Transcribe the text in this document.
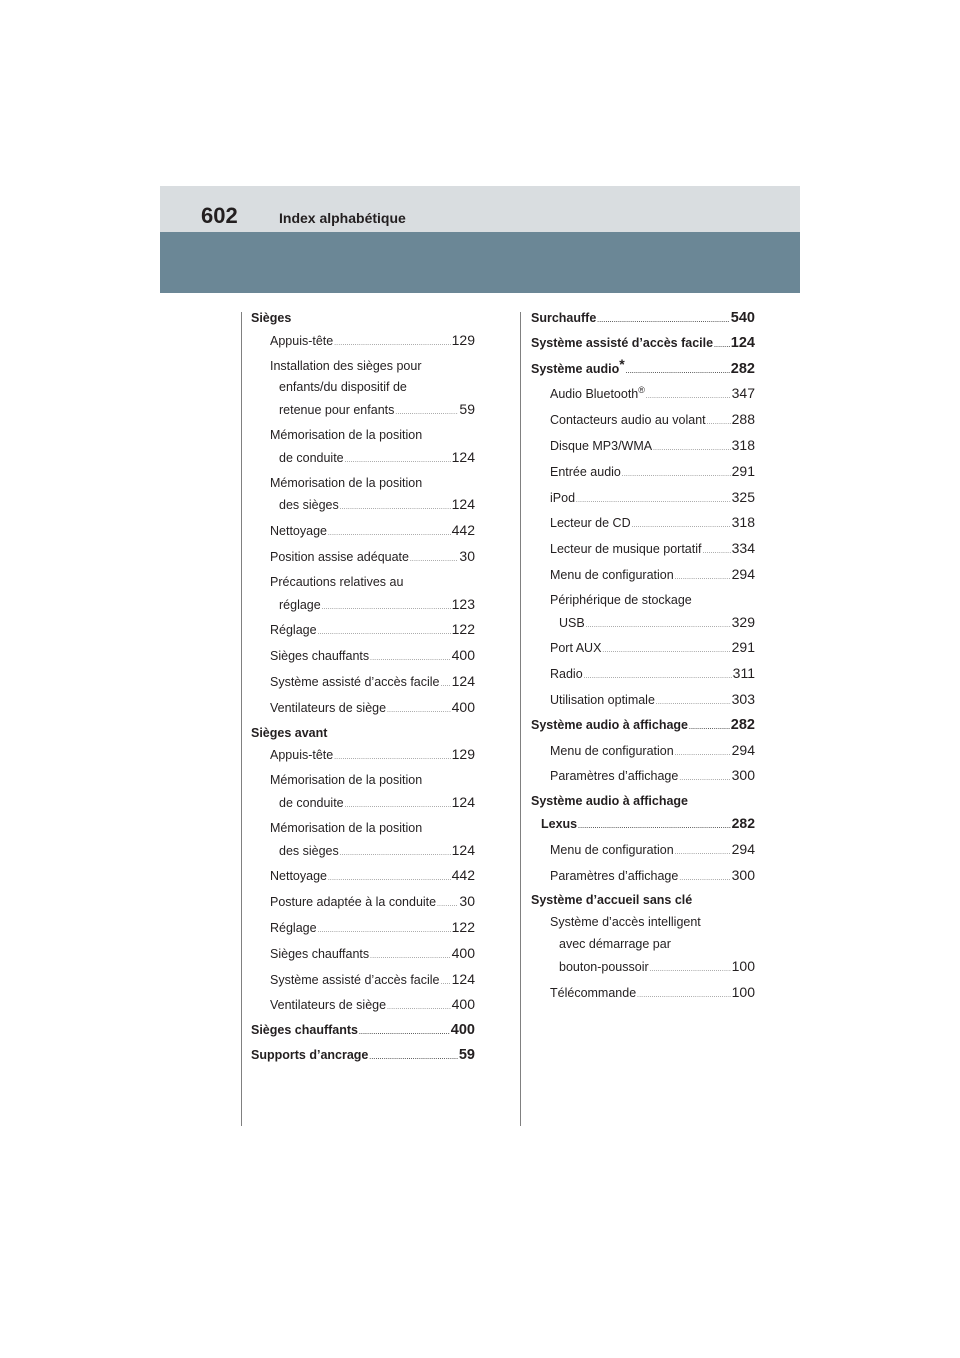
602	Index alphabétique
Sièges
Appuis-tête .....	129
Installation des sièges pour
enfants/du dispositif de
retenue pour enfants .....	59
Mémorisation de la position
de conduite .....	124
Mémorisation de la position
des sièges .....	124
Nettoyage .....	442
Position assise adéquate .....	30
Précautions relatives au
réglage .....	123
Réglage .....	122
Sièges chauffants .....	400
Système assisté d’accès facile ..... 124
Ventilateurs de siège .....	400
Sièges avant
Appuis-tête .....	129
Mémorisation de la position
de conduite .....	124
Mémorisation de la position
des sièges .....	124
Nettoyage .....	442
Posture adaptée à la conduite ..... 30
Réglage .....	122
Sièges chauffants .....	400
Système assisté d’accès facile ..... 124
Ventilateurs de siège .....	400
Sièges chauffants .....	400
Supports d’ancrage .....	59
Surchauffe .....	540
Système assisté d’accès facile ..... 124
Système audio* .....	282
Audio Bluetooth® .....	347
Contacteurs audio au volant ..... 288
Disque MP3/WMA .....	318
Entrée audio .....	291
iPod .....	325
Lecteur de CD .....	318
Lecteur de musique portatif ..... 334
Menu de configuration .....	294
Périphérique de stockage
USB .....	329
Port AUX .....	291
Radio .....	311
Utilisation optimale .....	303
Système audio à affichage .....	282
Menu de configuration .....	294
Paramètres d’affichage .....	300
Système audio à affichage
Lexus .....	282
Menu de configuration .....	294
Paramètres d’affichage .....	300
Système d’accueil sans clé
Système d’accès intelligent
avec démarrage par
bouton-poussoir .....	100
Télécommande .....	100
